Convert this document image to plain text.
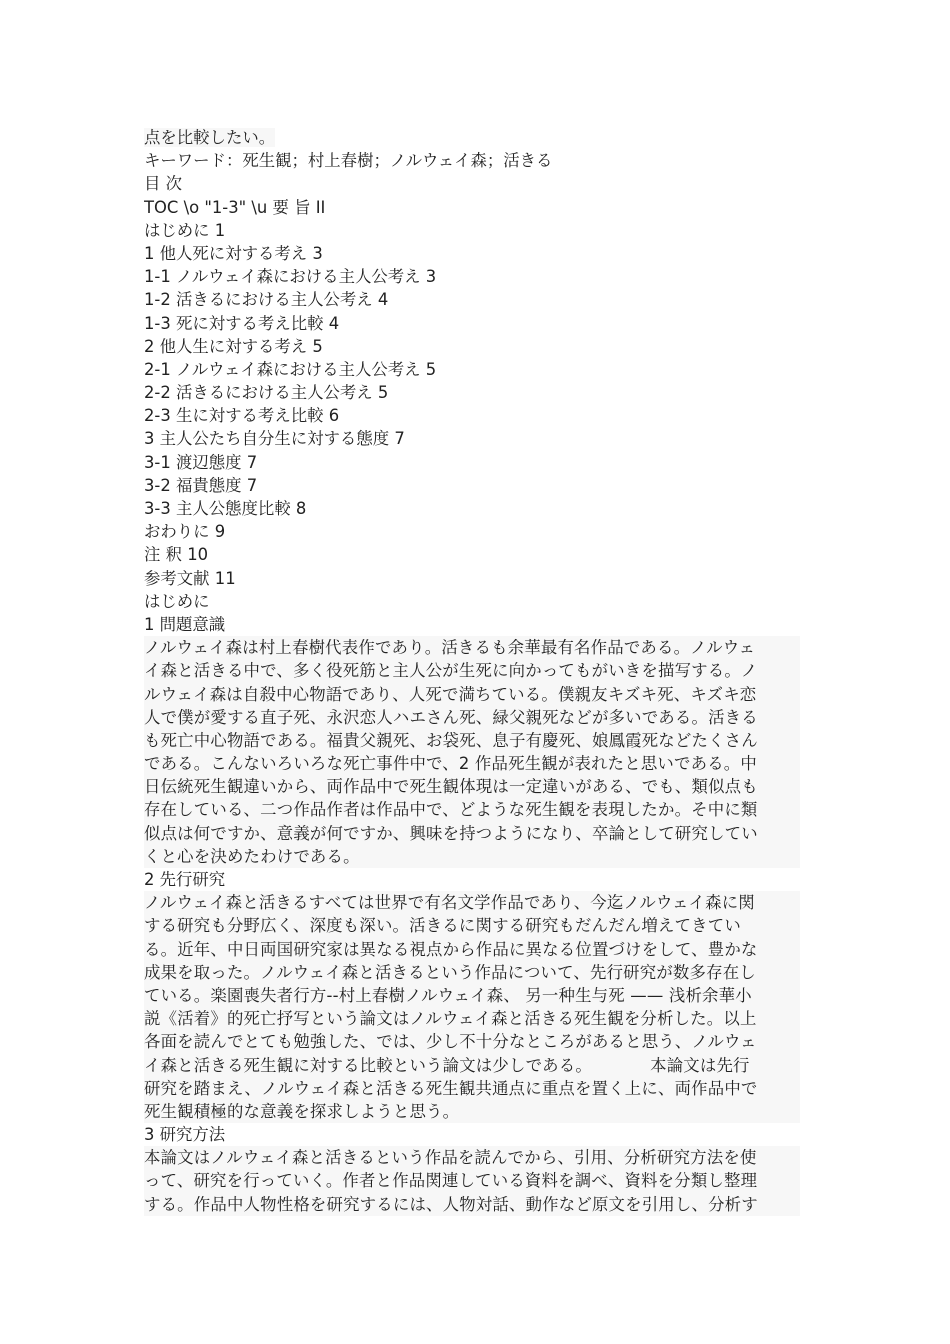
点を比較したい。
キーワード：死生観；村上春樹；ノルウェイ森；活きる
目 次
TOC \o "1-3" \u 要 旨 II
はじめに 1
1 他人死に対する考え 3
1-1 ノルウェイ森における主人公考え 3
1-2 活きるにおける主人公考え 4
1-3 死に対する考え比較 4
2 他人生に対する考え 5
2-1 ノルウェイ森における主人公考え 5
2-2 活きるにおける主人公考え 5
2-3 生に対する考え比較 6
3 主人公たち自分生に対する態度 7
3-1 渡辺態度 7
3-2 福貴態度 7
3-3 主人公態度比較 8
おわりに 9
注 釈 10
参考文献 11
はじめに
1 問題意識
ノルウェイ森は村上春樹代表作であり。活きるも余華最有名作品である。ノルウェ
イ森と活きる中で、多く役死筋と主人公が生死に向かってもがいきを描写する。ノ
ルウェイ森は自殺中心物語であり、人死で満ちている。僕親友キズキ死、キズキ恋
人で僕が愛する直子死、永沢恋人ハエさん死、緑父親死などが多いである。活きる
も死亡中心物語である。福貴父親死、お袋死、息子有慶死、娘鳳霞死などたくさん
である。こんないろいろな死亡事件中で、2 作品死生観が表れたと思いである。中
日伝統死生観違いから、両作品中で死生観体現は一定違いがある、でも、類似点も
存在している、二つ作品作者は作品中で、どような死生観を表現したか。そ中に類
似点は何ですか、意義が何ですか、興味を持つようになり、卒論として研究してい
くと心を決めたわけである。
2 先行研究
ノルウェイ森と活きるすべては世界で有名文学作品であり、今迄ノルウェイ森に関
する研究も分野広く、深度も深い。活きるに関する研究もだんだん増えてきてい
る。近年、中日両国研究家は異なる視点から作品に異なる位置づけをして、豊かな
成果を取った。ノルウェイ森と活きるという作品について、先行研究が数多存在し
ている。楽園喪失者行方--村上春樹ノルウェイ森、 另一种生与死 —— 浅析余華小
説《活着》的死亡抒写という論文はノルウェイ森と活きる死生観を分析した。以上
各面を読んでとても勉強した、では、少し不十分なところがあると思う、ノルウェ
イ森と活きる死生観に対する比較という論文は少しである。　　　　本論文は先行
研究を踏まえ、ノルウェイ森と活きる死生観共通点に重点を置く上に、両作品中で
死生観積極的な意義を探求しようと思う。
3 研究方法
本論文はノルウェイ森と活きるという作品を読んでから、引用、分析研究方法を使
って、研究を行っていく。作者と作品関連している資料を調べ、資料を分類し整理
する。作品中人物性格を研究するには、人物対話、動作など原文を引用し、分析す
